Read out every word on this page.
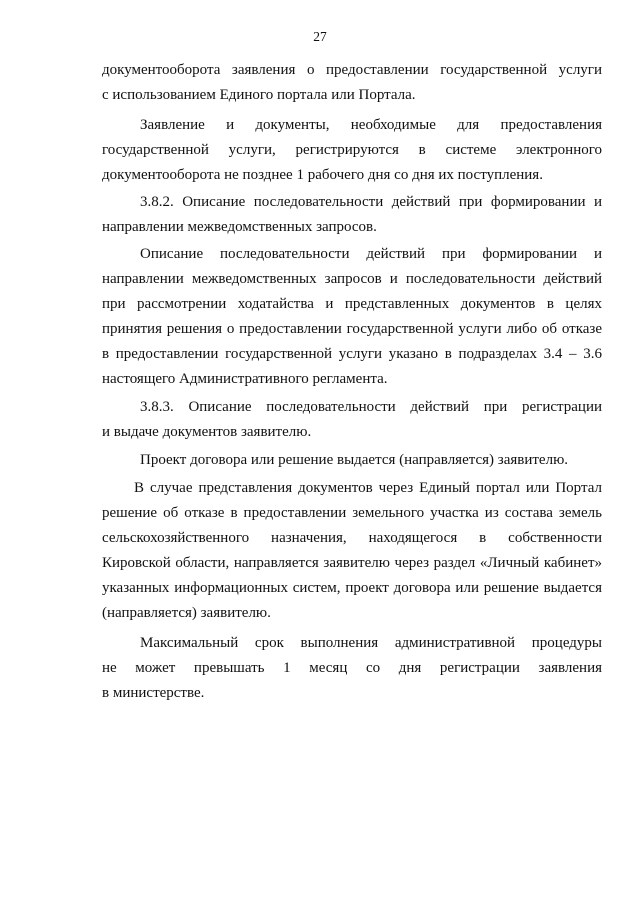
27
документооборота заявления о предоставлении государственной услуги
с использованием Единого портала или Портала.
Заявление и документы, необходимые для предоставления
государственной услуги, регистрируются в системе электронного
документооборота не позднее 1 рабочего дня со дня их поступления.
3.8.2. Описание последовательности действий при формировании и
направлении межведомственных запросов.
Описание последовательности действий при формировании и
направлении межведомственных запросов и последовательности действий
при рассмотрении ходатайства и представленных документов в целях
принятия решения о предоставлении государственной услуги либо об отказе
в предоставлении государственной услуги указано в подразделах 3.4 – 3.6
настоящего Административного регламента.
3.8.3. Описание последовательности действий при регистрации
и выдаче документов заявителю.
Проект договора или решение выдается (направляется) заявителю.
В случае представления документов через Единый портал или Портал
решение об отказе в предоставлении земельного участка из состава земель
сельскохозяйственного назначения, находящегося в собственности
Кировской области, направляется заявителю через раздел «Личный кабинет»
указанных информационных систем, проект договора или решение выдается
(направляется) заявителю.
Максимальный срок выполнения административной процедуры
не может превышать 1 месяц со дня регистрации заявления
в министерстве.
